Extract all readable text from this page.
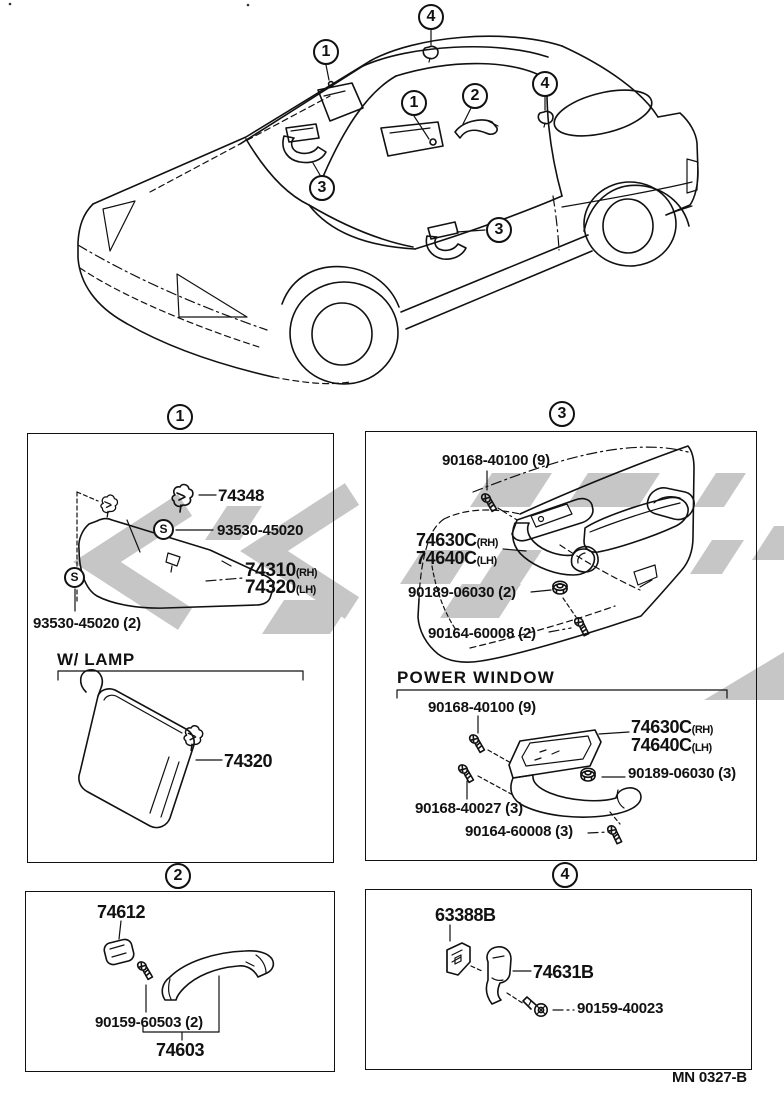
1
1	2
3
3
4
4
1
2
3
4
S
S
74348
93530-45020
74310(RH)
74320(LH)
93530-45020 (2)
W/ LAMP
74320
74612
90159-60503 (2)
74603
90168-40100 (9)
74630C(RH)
74640C(LH)
90189-06030 (2)
90164-60008 (2)
POWER WINDOW
90168-40100 (9)
74630C(RH)
74640C(LH)
90189-06030 (3)
90168-40027 (3)
90164-60008 (3)
63388B
74631B
90159-40023
MN 0327-B
